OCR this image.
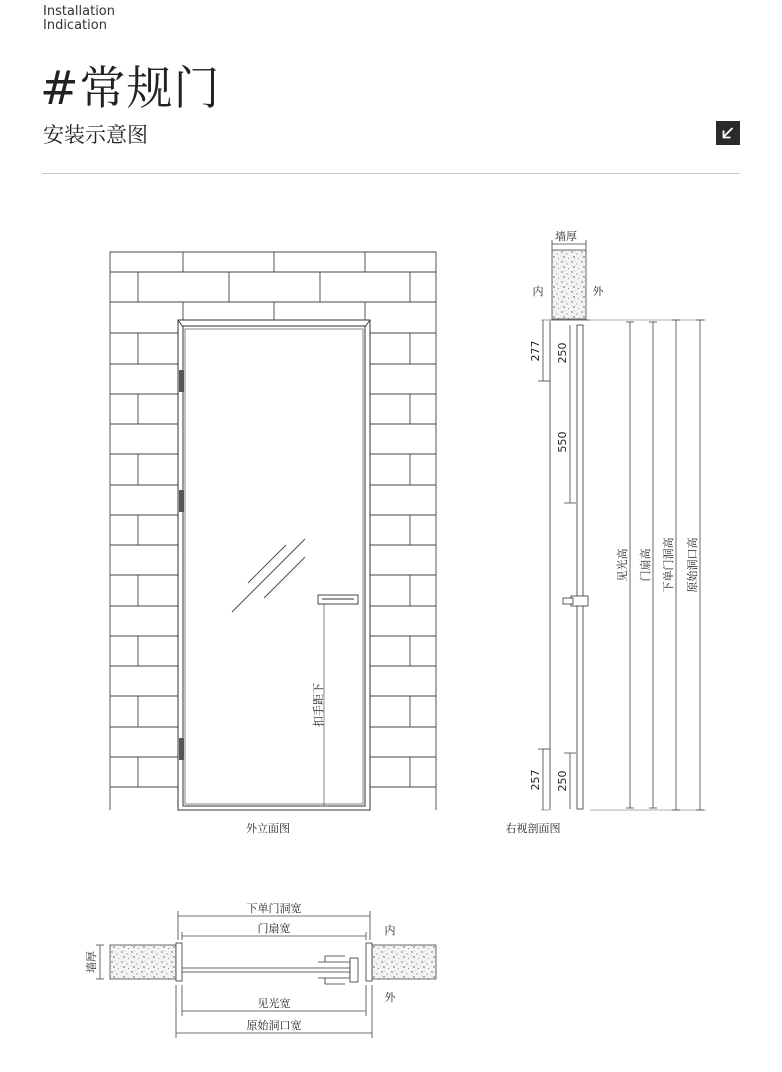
Installation
Indication
#常规门
安装示意图
扣手距下
外立面图
墙厚
内	外
277 250
550
257 250
见光高 门扇高 下单门洞高 原始洞口高
右视剖面图
墙厚
下单门洞宽
门扇宽
见光宽
原始洞口宽
内
外
